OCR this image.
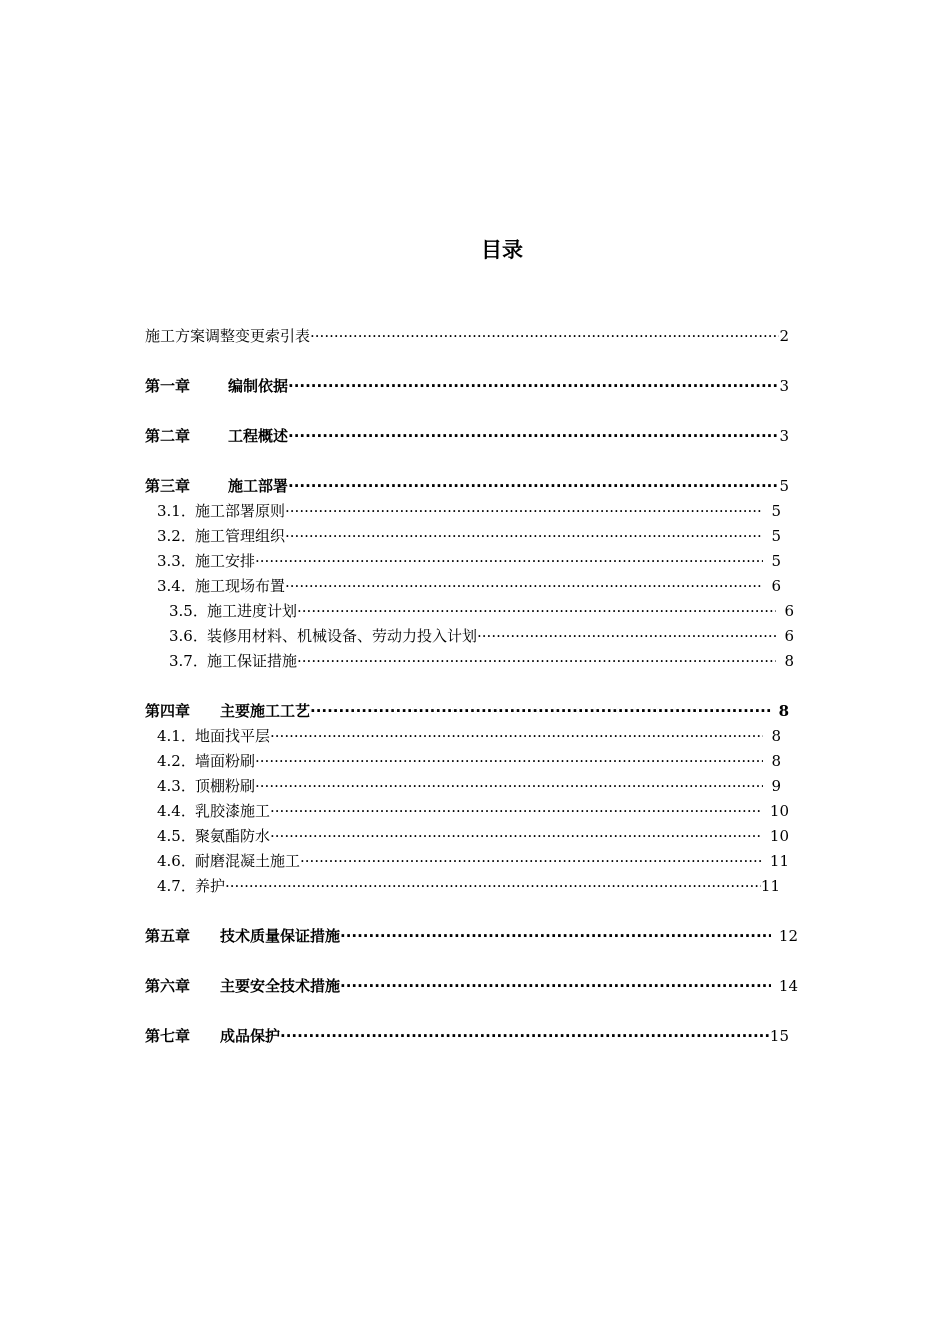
目录
施工方案调整变更索引表 ·····	2
第一章	编制依据 ·····	3
第二章	工程概述 ·····	3
第三章	施工部署 ·····	5
3.1． 施工部署原则 ·····	5
3.2． 施工管理组织 ·····	5
3.3． 施工安排 ·····	5
3.4． 施工现场布置 ·····	6
3.5． 施工进度计划 ·····	6
3.6． 装修用材料、机械设备、劳动力投入计划 ·····	6
3.7． 施工保证措施 ·····	8
第四章	主要施工工艺 ·····	8
4.1． 地面找平层 ·····	8
4.2． 墙面粉刷 ·····	8
4.3． 顶棚粉刷 ·····	9
4.4． 乳胶漆施工 ·····	10
4.5． 聚氨酯防水 ·····	10
4.6． 耐磨混凝土施工 ·····	11
4.7． 养护 ·····	11
第五章	技术质量保证措施 ·····	12
第六章	主要安全技术措施 ·····	14
第七章	成品保护 ·····	15
